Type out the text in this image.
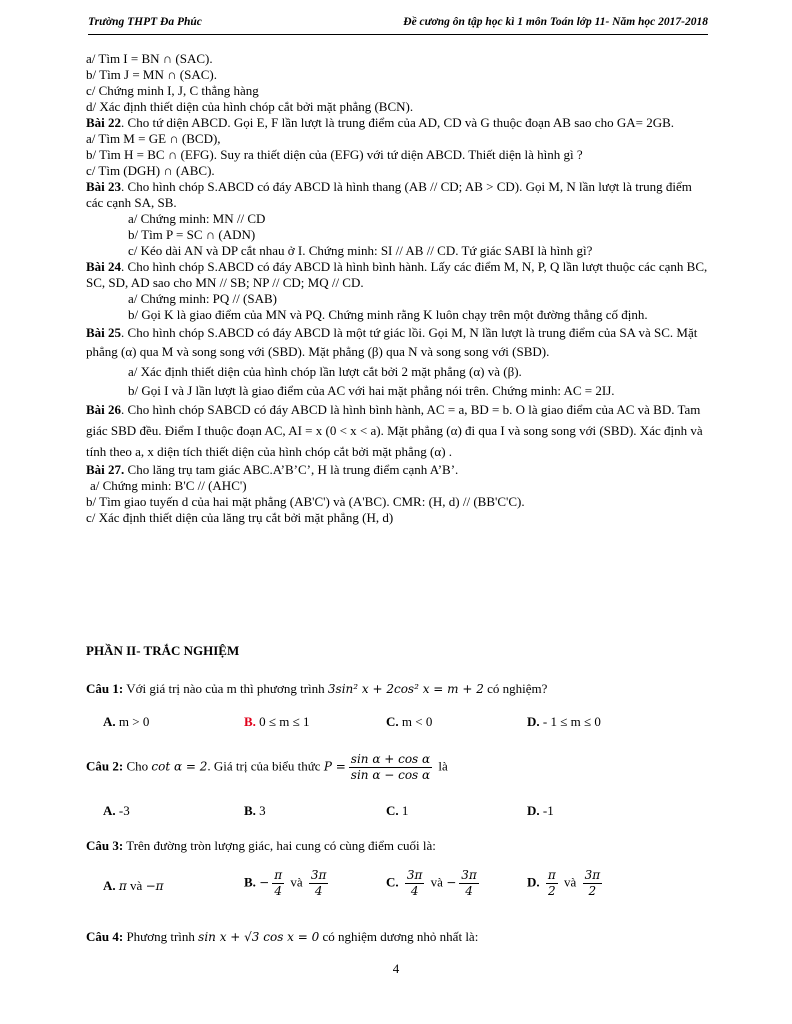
Trường THPT Đa Phúc	Đề cương ôn tập học kì 1 môn Toán lớp 11- Năm học 2017-2018
a/ Tìm I = BN ∩ (SAC).
b/ Tìm J = MN ∩ (SAC).
c/ Chứng minh I, J, C thẳng hàng
d/ Xác định thiết diện của hình chóp cắt bởi mặt phẳng (BCN).
Bài 22. Cho tứ diện ABCD. Gọi E, F lần lượt là trung điểm của AD, CD và G thuộc đoạn AB sao cho GA= 2GB.
a/ Tìm M = GE ∩ (BCD),
b/ Tìm H = BC ∩ (EFG). Suy ra thiết diện của (EFG) với tứ diện ABCD. Thiết diện là hình gì ?
c/ Tìm (DGH) ∩ (ABC).
Bài 23. Cho hình chóp S.ABCD có đáy ABCD là hình thang (AB // CD; AB > CD). Gọi M, N lần lượt là trung điểm các cạnh SA, SB.
a/ Chứng minh: MN // CD
b/ Tìm P = SC ∩ (ADN)
c/ Kéo dài AN và DP cắt nhau ở I. Chứng minh: SI // AB // CD. Tứ giác SABI là hình gì?
Bài 24. Cho hình chóp S.ABCD có đáy ABCD là hình bình hành. Lấy các điểm M, N, P, Q lần lượt thuộc các cạnh BC, SC, SD, AD sao cho MN // SB; NP // CD; MQ // CD.
a/ Chứng minh: PQ // (SAB)
b/ Gọi K là giao điểm của MN và PQ. Chứng minh rằng K luôn chạy trên một đường thẳng cố định.
Bài 25. Cho hình chóp S.ABCD có đáy ABCD là một tứ giác lồi. Gọi M, N lần lượt là trung điểm của SA và SC. Mặt phẳng (α) qua M và song song với (SBD). Mặt phẳng (β) qua N và song song với (SBD).
a/ Xác định thiết diện của hình chóp lần lượt cắt bởi 2 mặt phẳng (α) và (β).
b/ Gọi I và J lần lượt là giao điểm của AC với hai mặt phẳng nói trên. Chứng minh: AC = 2IJ.
Bài 26. Cho hình chóp SABCD có đáy ABCD là hình bình hành, AC = a, BD = b. O là giao điểm của AC và BD. Tam giác SBD đều. Điểm I thuộc đoạn AC, AI = x (0 < x < a). Mặt phẳng (α) đi qua I và song song với (SBD). Xác định và tính theo a, x diện tích thiết diện của hình chóp cắt bởi mặt phẳng (α) .
Bài 27. Cho lăng trụ tam giác ABC.A’B’C’, H là trung điểm cạnh A’B’.
a/ Chứng minh: B'C // (AHC')
b/ Tìm giao tuyến d của hai mặt phẳng (AB'C') và (A'BC). CMR: (H, d) // (BB'C'C).
c/ Xác định thiết diện của lăng trụ cắt bởi mặt phẳng (H, d)
PHẦN II- TRẮC NGHIỆM
Câu 1: Với giá trị nào của m thì phương trình 3sin² x + 2cos² x = m + 2 có nghiệm?
A. m > 0	B. 0 ≤ m ≤ 1	C. m < 0	D. - 1 ≤ m ≤ 0
Câu 2: Cho cot α = 2. Giá trị của biểu thức $P = \frac{\text{sin α + cos α}}{\text{sin α − cos α}}$ là
A. -3	B. 3	C. 1	D. -1
Câu 3: Trên đường tròn lượng giác, hai cung có cùng điểm cuối là:
A. π và −π	B. − $\frac{\pi}{4}$ và $\frac{3\pi}{4}$	C. $\frac{3\pi}{4}$ và − $\frac{3\pi}{4}$	D. $\frac{\pi}{2}$ và $\frac{3\pi}{2}$
Câu 4: Phương trình sin x + √3 cos x = 0 có nghiệm dương nhỏ nhất là:
4
